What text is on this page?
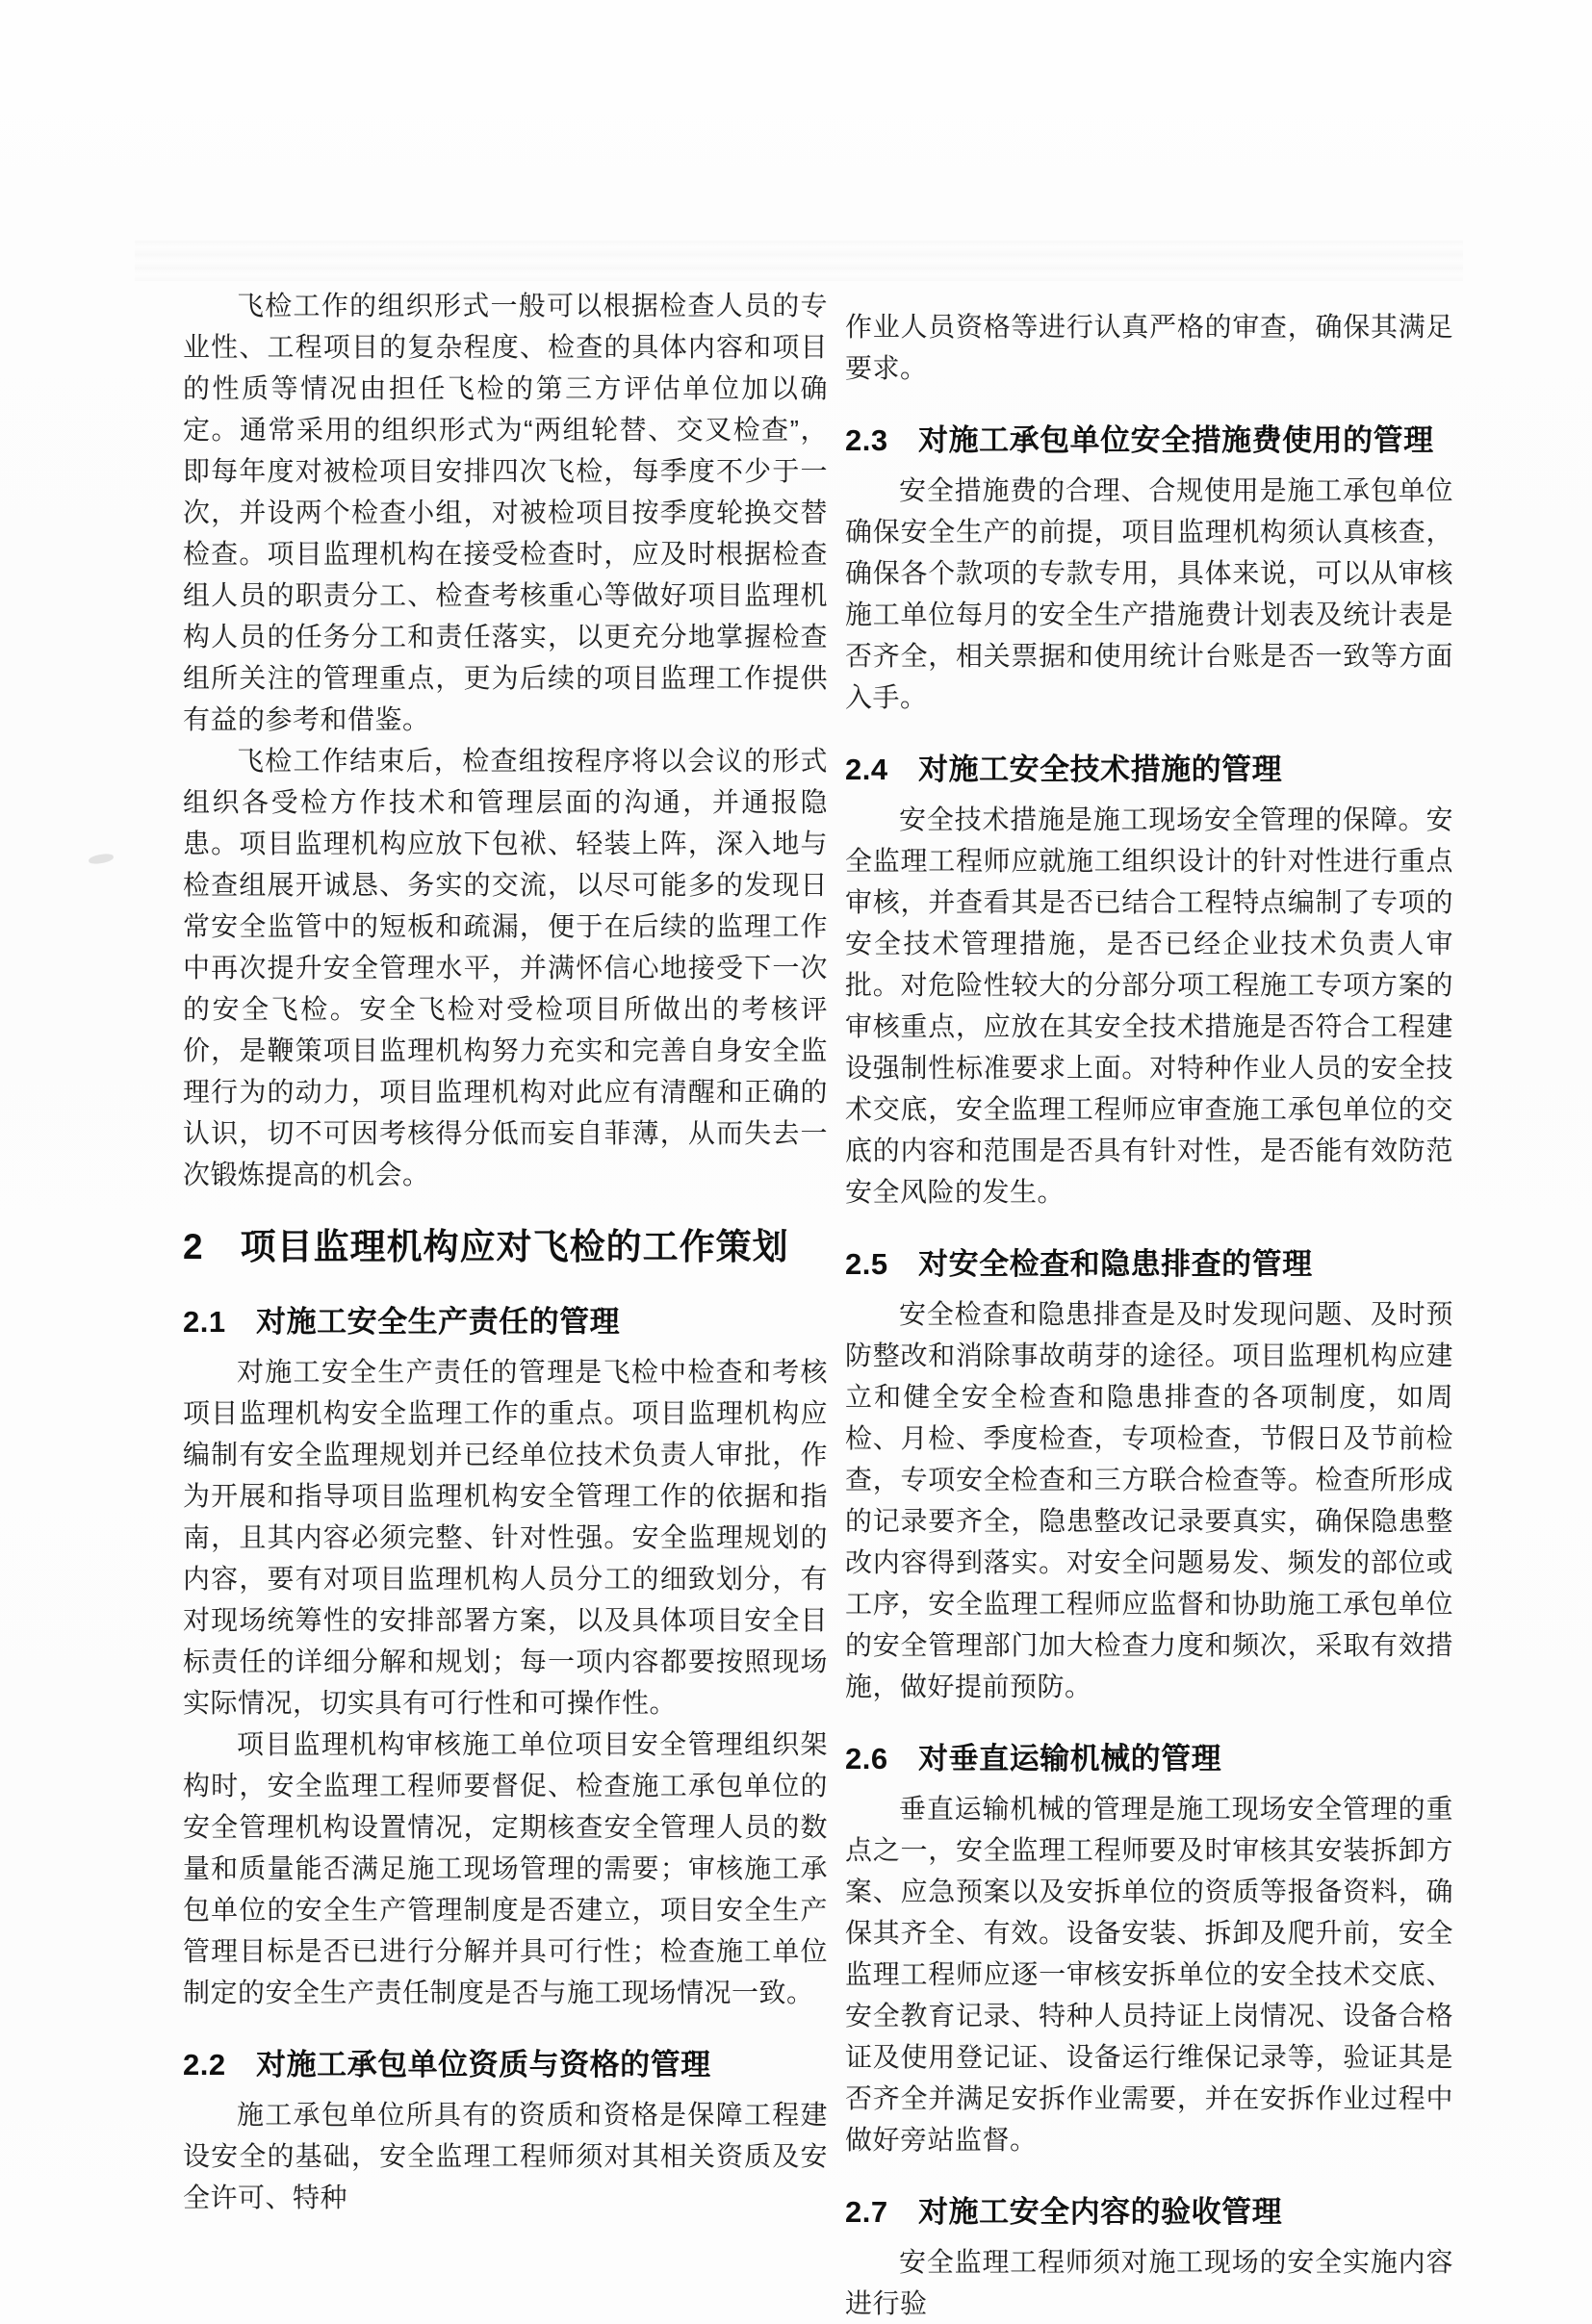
飞检工作的组织形式一般可以根据检查人员的专业性、工程项目的复杂程度、检查的具体内容和项目的性质等情况由担任飞检的第三方评估单位加以确定。通常采用的组织形式为“两组轮替、交叉检查”，即每年度对被检项目安排四次飞检，每季度不少于一次，并设两个检查小组，对被检项目按季度轮换交替检查。项目监理机构在接受检查时，应及时根据检查组人员的职责分工、检查考核重心等做好项目监理机构人员的任务分工和责任落实，以更充分地掌握检查组所关注的管理重点，更为后续的项目监理工作提供有益的参考和借鉴。

飞检工作结束后，检查组按程序将以会议的形式组织各受检方作技术和管理层面的沟通，并通报隐患。项目监理机构应放下包袱、轻装上阵，深入地与检查组展开诚恳、务实的交流，以尽可能多的发现日常安全监管中的短板和疏漏，便于在后续的监理工作中再次提升安全管理水平，并满怀信心地接受下一次的安全飞检。安全飞检对受检项目所做出的考核评价，是鞭策项目监理机构努力充实和完善自身安全监理行为的动力，项目监理机构对此应有清醒和正确的认识，切不可因考核得分低而妄自菲薄，从而失去一次锻炼提高的机会。

2　项目监理机构应对飞检的工作策划
2.1　对施工安全生产责任的管理

对施工安全生产责任的管理是飞检中检查和考核项目监理机构安全监理工作的重点。项目监理机构应编制有安全监理规划并已经单位技术负责人审批，作为开展和指导项目监理机构安全管理工作的依据和指南，且其内容必须完整、针对性强。安全监理规划的内容，要有对项目监理机构人员分工的细致划分，有对现场统筹性的安排部署方案，以及具体项目安全目标责任的详细分解和规划；每一项内容都要按照现场实际情况，切实具有可行性和可操作性。

项目监理机构审核施工单位项目安全管理组织架构时，安全监理工程师要督促、检查施工承包单位的安全管理机构设置情况，定期核查安全管理人员的数量和质量能否满足施工现场管理的需要；审核施工承包单位的安全生产管理制度是否建立，项目安全生产管理目标是否已进行分解并具可行性；检查施工单位制定的安全生产责任制度是否与施工现场情况一致。

2.2　对施工承包单位资质与资格的管理

施工承包单位所具有的资质和资格是保障工程建设安全的基础，安全监理工程师须对其相关资质及安全许可、特种

作业人员资格等进行认真严格的审查，确保其满足要求。

2.3　对施工承包单位安全措施费使用的管理

安全措施费的合理、合规使用是施工承包单位确保安全生产的前提，项目监理机构须认真核查，确保各个款项的专款专用，具体来说，可以从审核施工单位每月的安全生产措施费计划表及统计表是否齐全，相关票据和使用统计台账是否一致等方面入手。

2.4　对施工安全技术措施的管理

安全技术措施是施工现场安全管理的保障。安全监理工程师应就施工组织设计的针对性进行重点审核，并查看其是否已结合工程特点编制了专项的安全技术管理措施，是否已经企业技术负责人审批。对危险性较大的分部分项工程施工专项方案的审核重点，应放在其安全技术措施是否符合工程建设强制性标准要求上面。对特种作业人员的安全技术交底，安全监理工程师应审查施工承包单位的交底的内容和范围是否具有针对性，是否能有效防范安全风险的发生。

2.5　对安全检查和隐患排查的管理

安全检查和隐患排查是及时发现问题、及时预防整改和消除事故萌芽的途径。项目监理机构应建立和健全安全检查和隐患排查的各项制度，如周检、月检、季度检查，专项检查，节假日及节前检查，专项安全检查和三方联合检查等。检查所形成的记录要齐全，隐患整改记录要真实，确保隐患整改内容得到落实。对安全问题易发、频发的部位或工序，安全监理工程师应监督和协助施工承包单位的安全管理部门加大检查力度和频次，采取有效措施，做好提前预防。

2.6　对垂直运输机械的管理

垂直运输机械的管理是施工现场安全管理的重点之一，安全监理工程师要及时审核其安装拆卸方案、应急预案以及安拆单位的资质等报备资料，确保其齐全、有效。设备安装、拆卸及爬升前，安全监理工程师应逐一审核安拆单位的安全技术交底、安全教育记录、特种人员持证上岗情况、设备合格证及使用登记证、设备运行维保记录等，验证其是否齐全并满足安拆作业需要，并在安拆作业过程中做好旁站监督。

2.7　对施工安全内容的验收管理

安全监理工程师须对施工现场的安全实施内容进行验
